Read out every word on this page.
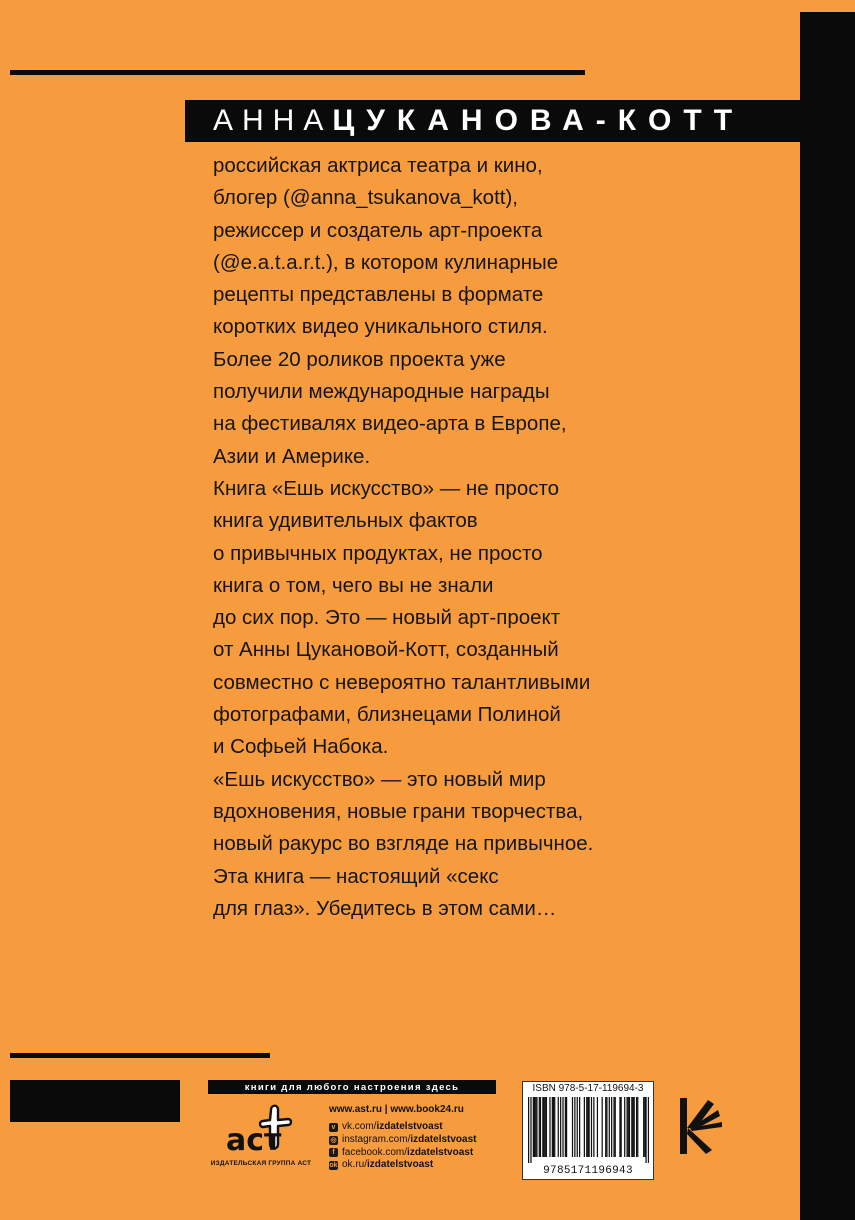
АННА ЦУКАНОВА-КОТТ
российская актриса театра и кино,
блогер (@anna_tsukanova_kott),
режиссер и создатель арт-проекта
(@e.a.t.a.r.t.), в котором кулинарные
рецепты представлены в формате
коротких видео уникального стиля.
Более 20 роликов проекта уже
получили международные награды
на фестивалях видео-арта в Европе,
Азии и Америке.
Книга «Ешь искусство» — не просто
книга удивительных фактов
о привычных продуктах, не просто
книга о том, чего вы не знали
до сих пор. Это — новый арт-проект
от Анны Цукановой-Котт, созданный
совместно с невероятно талантливыми
фотографами, близнецами Полиной
и Софьей Набока.
«Ешь искусство» — это новый мир
вдохновения, новые грани творчества,
новый ракурс во взгляде на привычное.
Эта книга — настоящий «секс
для глаз». Убедитесь в этом сами…
книги для любого настроения здесь
аст
ИЗДАТЕЛЬСКАЯ ГРУППА АСТ
www.ast.ru | www.book24.ru
v vk.com/ izdatelstvoast
◎ instagram.com/ izdatelstvoast
f facebook.com/ izdatelstvoast
ok ok.ru/ izdatelstvoast
ISBN 978-5-17-119694-3
9785171196943
